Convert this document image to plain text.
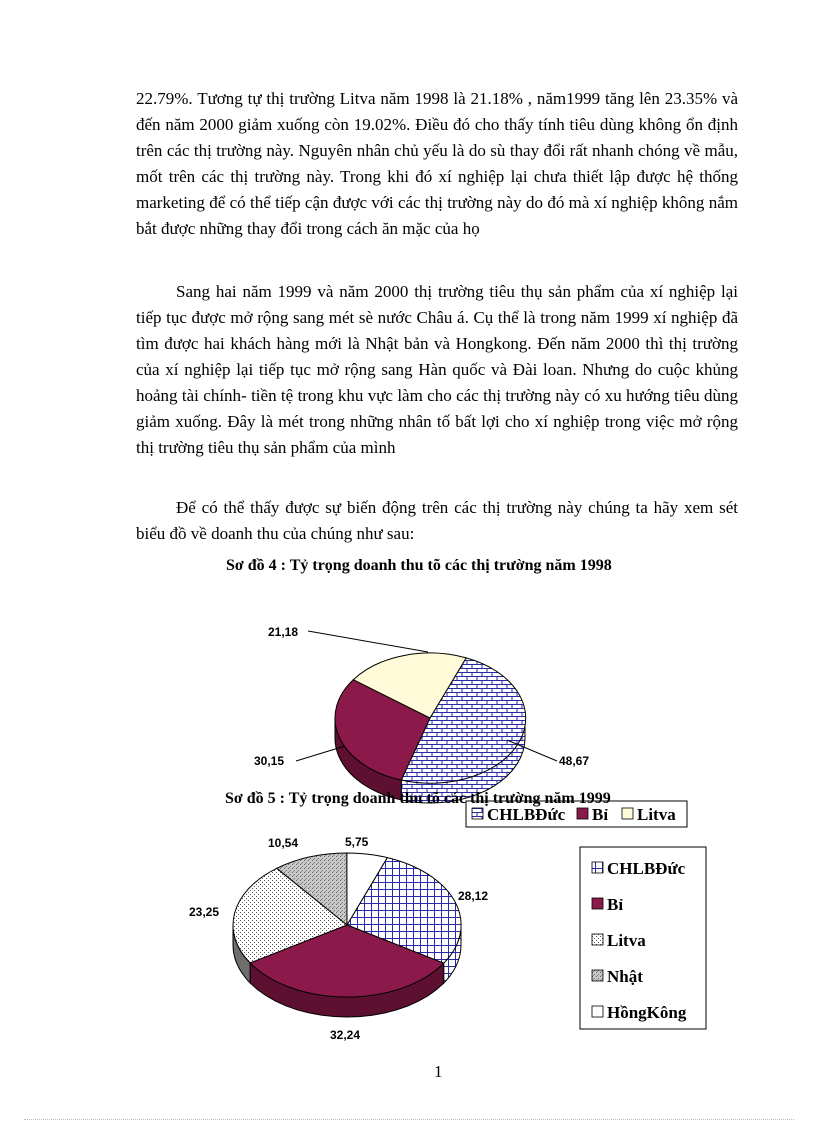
22.79%. Tương tự thị trường Litva năm 1998 là 21.18% , năm1999 tăng lên 23.35% và đến năm 2000 giảm xuống còn 19.02%. Điều đó cho thấy tính tiêu dùng không ổn định trên các thị trường này. Nguyên nhân chủ yếu là do sù thay đổi rất nhanh chóng về mẫu, mốt trên các thị trường này. Trong khi đó xí nghiệp lại chưa thiết lập được hệ thống marketing để có thể tiếp cận được với các thị trường này do đó mà xí nghiệp không nắm bắt được những thay đổi trong cách ăn mặc của họ
Sang hai năm 1999 và năm 2000 thị trường tiêu thụ sản phẩm của xí nghiệp lại tiếp tục được mở rộng sang mét sè nước Châu á. Cụ thể là trong năm 1999 xí nghiệp đã tìm được hai khách hàng mới là Nhật bản và Hongkong. Đến năm 2000 thì thị trường của xí nghiệp lại tiếp tục mở rộng sang Hàn quốc và Đài loan. Nhưng do cuộc khủng hoảng tài chính- tiền tệ trong khu vực làm cho các thị trường này có xu hướng tiêu dùng giảm xuống. Đây là mét trong những nhân tố bất lợi cho xí nghiệp trong việc mở rộng thị trường tiêu thụ sản phẩm của mình
Để có thể thấy được sự biến động trên các thị trường này chúng ta hãy xem sét biểu đồ về doanh thu của chúng như sau:
48,67
30,15
21,18
28,12
32,24
23,25
10,54	5,75
CHLBĐức Bỉ Litva
CHLBĐức
Bỉ
Litva
Nhật
HồngKông
Sơ đồ 4 : Tỷ trọng doanh thu tõ các thị trường năm 1998
Sơ đồ 5 : Tỷ trọng doanh thu tõ các thị trường năm 1999
1
